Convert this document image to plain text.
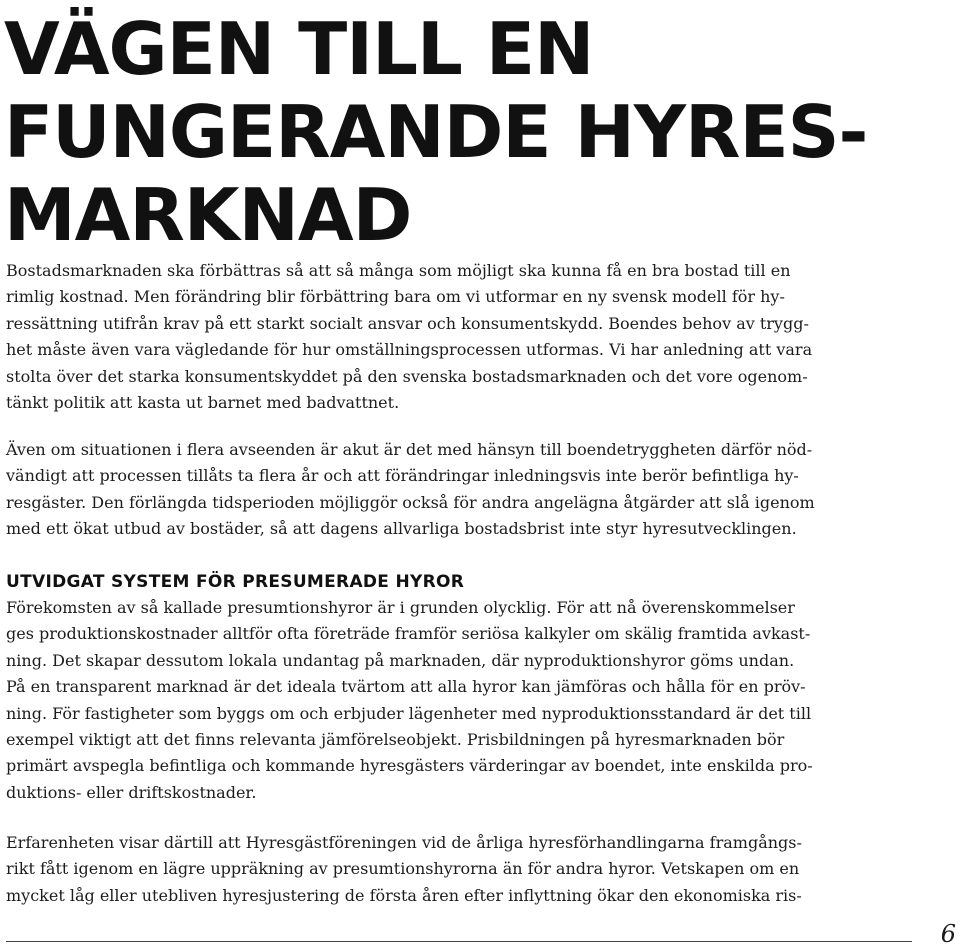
VÄGEN TILL EN
FUNGERANDE HYRES-
MARKNAD

Bostadsmarknaden ska förbättras så att så många som möjligt ska kunna få en bra bostad till en
rimlig kostnad. Men förändring blir förbättring bara om vi utformar en ny svensk modell för hy-
ressättning utifrån krav på ett starkt socialt ansvar och konsumentskydd. Boendes behov av trygg-
het måste även vara vägledande för hur omställningsprocessen utformas. Vi har anledning att vara
stolta över det starka konsumentskyddet på den svenska bostadsmarknaden och det vore ogenom-
tänkt politik att kasta ut barnet med badvattnet.

Även om situationen i flera avseenden är akut är det med hänsyn till boendetryggheten därför nöd-
vändigt att processen tillåts ta flera år och att förändringar inledningsvis inte berör befintliga hy-
resgäster. Den förlängda tidsperioden möjliggör också för andra angelägna åtgärder att slå igenom
med ett ökat utbud av bostäder, så att dagens allvarliga bostadsbrist inte styr hyresutvecklingen.

UTVIDGAT SYSTEM FÖR PRESUMERADE HYROR

Förekomsten av så kallade presumtionshyror är i grunden olycklig. För att nå överenskommelser
ges produktionskostnader alltför ofta företräde framför seriösa kalkyler om skälig framtida avkast-
ning. Det skapar dessutom lokala undantag på marknaden, där nyproduktionshyror göms undan.
På en transparent marknad är det ideala tvärtom att alla hyror kan jämföras och hålla för en pröv-
ning. För fastigheter som byggs om och erbjuder lägenheter med nyproduktionsstandard är det till
exempel viktigt att det finns relevanta jämförelseobjekt. Prisbildningen på hyresmarknaden bör
primärt avspegla befintliga och kommande hyresgästers värderingar av boendet, inte enskilda pro-
duktions- eller driftskostnader.

Erfarenheten visar därtill att Hyresgästföreningen vid de årliga hyresförhandlingarna framgångs-
rikt fått igenom en lägre uppräkning av presumtionshyrorna än för andra hyror. Vetskapen om en
mycket låg eller utebliven hyresjustering de första åren efter inflyttning ökar den ekonomiska ris-

6
